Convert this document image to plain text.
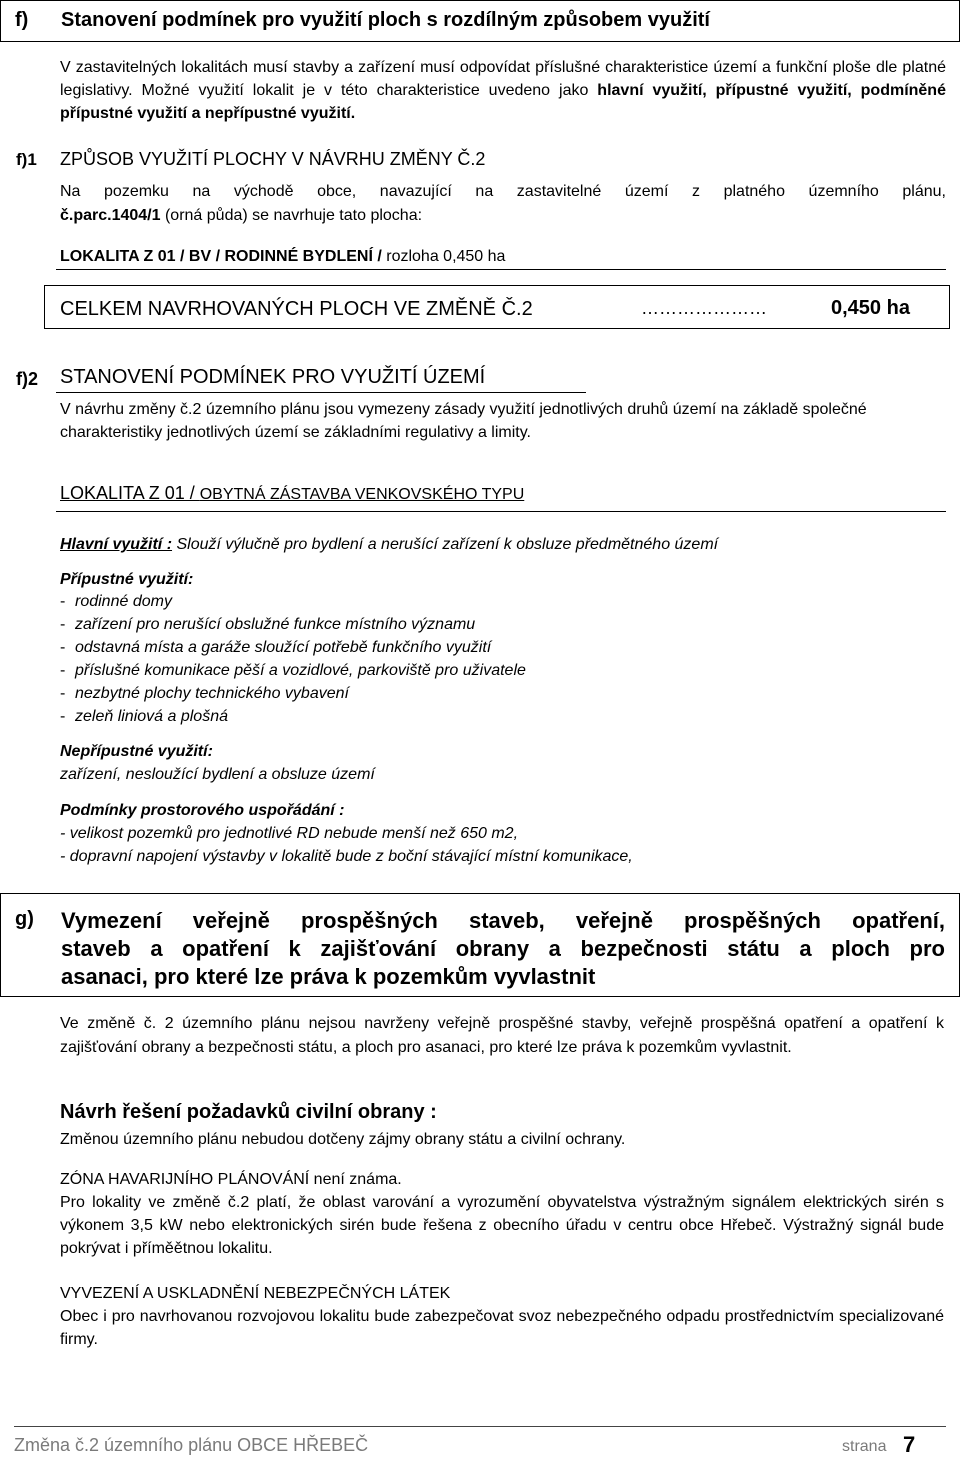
f) Stanovení podmínek pro využití ploch s rozdílným způsobem využití
V zastavitelných lokalitách musí stavby a zařízení musí odpovídat příslušné charakteristice území a funkční ploše dle platné legislativy. Možné využití lokalit je v této charakteristice uvedeno jako hlavní využití, přípustné využití, podmíněné přípustné využití a nepřípustné využití.
f)1 ZPŮSOB VYUŽITÍ PLOCHY V NÁVRHU ZMĚNY Č.2
Na pozemku na východě obce, navazující na zastavitelné území z platného územního plánu,
č.parc.1404/1 (orná půda) se navrhuje tato plocha:
LOKALITA Z 01 / BV / RODINNÉ BYDLENÍ / rozloha 0,450 ha
CELKEM NAVRHOVANÝCH PLOCH VE ZMĚNĚ Č.2	…………………	0,450 ha
f)2 STANOVENÍ PODMÍNEK PRO VYUŽITÍ ÚZEMÍ
V návrhu změny č.2 územního plánu jsou vymezeny zásady využití jednotlivých druhů území na základě společné charakteristiky jednotlivých území se základními regulativy a limity.
LOKALITA Z 01 / OBYTNÁ ZÁSTAVBA VENKOVSKÉHO TYPU
Hlavní využití : Slouží výlučně pro bydlení a nerušící zařízení k obsluze předmětného území
Přípustné využití:
- rodinné domy
- zařízení pro nerušící obslužné funkce místního významu
- odstavná místa a garáže sloužící potřebě funkčního využití
- příslušné komunikace pěší a vozidlové, parkoviště pro uživatele
- nezbytné plochy technického vybavení
- zeleň liniová a plošná
Nepřípustné využití:
zařízení, nesloužící bydlení a obsluze území
Podmínky prostorového uspořádání :
- velikost pozemků pro jednotlivé RD nebude menší než 650 m2,
- dopravní napojení výstavby v lokalitě bude z boční stávající místní komunikace,
g) Vymezení veřejně prospěšných staveb, veřejně prospěšných opatření,
staveb a opatření k zajišťování obrany a bezpečnosti státu a ploch pro
asanaci, pro které lze práva k pozemkům vyvlastnit
Ve změně č. 2 územního plánu nejsou navrženy veřejně prospěšné stavby, veřejně prospěšná opatření a opatření k zajišťování obrany a bezpečnosti státu, a ploch pro asanaci, pro které lze práva k pozemkům vyvlastnit.
Návrh řešení požadavků civilní obrany :
Změnou územního plánu nebudou dotčeny zájmy obrany státu a civilní ochrany.
ZÓNA HAVARIJNÍHO PLÁNOVÁNÍ není známa.
Pro lokality ve změně č.2 platí, že oblast varování a vyrozumění obyvatelstva výstražným signálem elektrických sirén s výkonem 3,5 kW nebo elektronických sirén bude řešena z obecního úřadu v centru obce Hřebeč. Výstražný signál bude pokrývat i příměětnou lokalitu.
VYVEZENÍ A USKLADNĚNÍ NEBEZPEČNÝCH LÁTEK
Obec i pro navrhovanou rozvojovou lokalitu bude zabezpečovat svoz nebezpečného odpadu prostřednictvím specializované firmy.
Změna č.2 územního plánu OBCE HŘEBEČ	strana 7
